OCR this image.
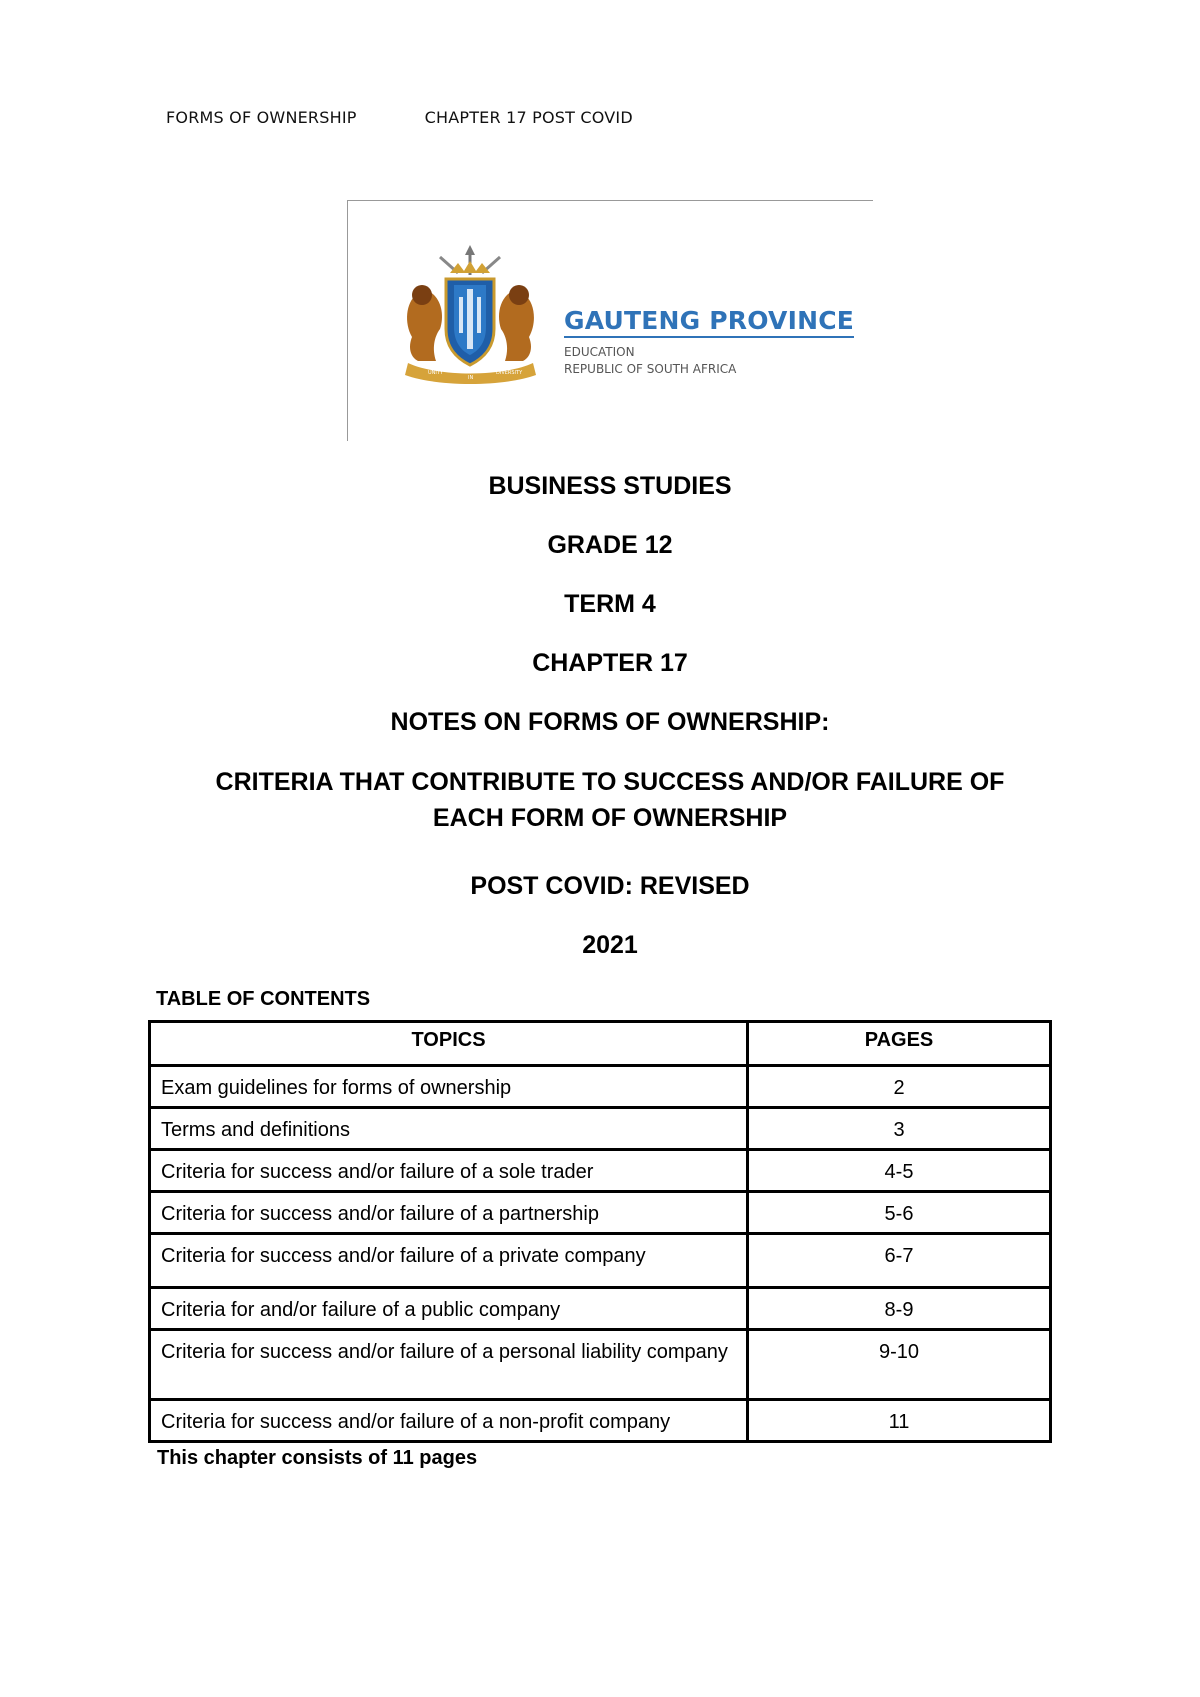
FORMS OF OWNERSHIP	CHAPTER 17 POST COVID
UNITY
IN
DIVERSITY
GAUTENG PROVINCE
EDUCATION
REPUBLIC OF SOUTH AFRICA
BUSINESS STUDIES
GRADE 12
TERM 4
CHAPTER 17
NOTES ON FORMS OF OWNERSHIP:
CRITERIA THAT CONTRIBUTE TO SUCCESS AND/OR FAILURE OF
EACH FORM OF OWNERSHIP
POST COVID: REVISED
2021
TABLE OF CONTENTS
TOPICS	PAGES
Exam guidelines for forms of ownership	2
Terms and definitions	3
Criteria for success and/or failure of a sole trader	4-5
Criteria for success and/or failure of a partnership	5-6
Criteria for success and/or failure of a private company	6-7
Criteria for and/or failure of a public company	8-9
Criteria for success and/or failure of a personal liability company	9-10
Criteria for success and/or failure of a non-profit company	11
This chapter consists of 11 pages
